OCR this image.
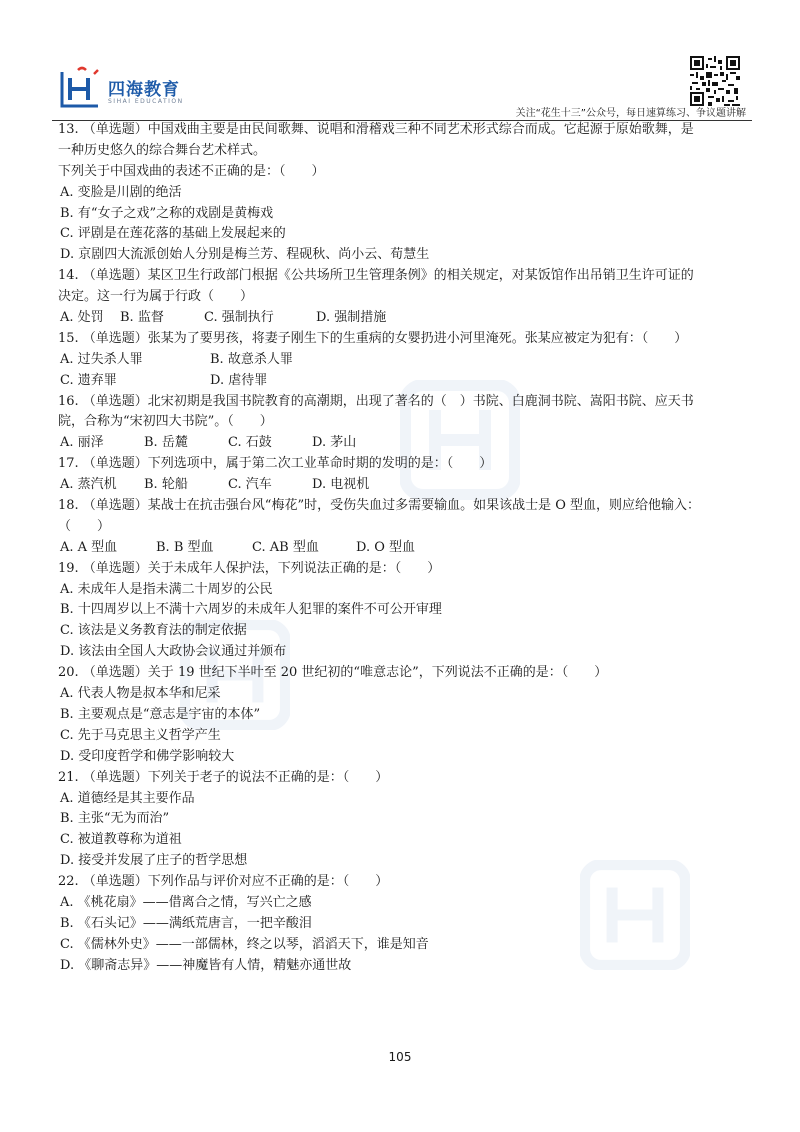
四海教育
SIHAI EDUCATION
关注“花生十三”公众号，每日速算练习、争议题讲解
13. （单选题）中国戏曲主要是由民间歌舞、说唱和滑稽戏三种不同艺术形式综合而成。它起源于原始歌舞，是
一种历史悠久的综合舞台艺术样式。
下列关于中国戏曲的表述不正确的是：（　　）
A. 变脸是川剧的绝活
B. 有“女子之戏”之称的戏剧是黄梅戏
C. 评剧是在莲花落的基础上发展起来的
D. 京剧四大流派创始人分别是梅兰芳、程砚秋、尚小云、荀慧生
14. （单选题）某区卫生行政部门根据《公共场所卫生管理条例》的相关规定，对某饭馆作出吊销卫生许可证的
决定。这一行为属于行政（　　）
A. 处罚	B. 监督	C. 强制执行	D. 强制措施
15. （单选题）张某为了要男孩，将妻子刚生下的生重病的女婴扔进小河里淹死。张某应被定为犯有：（　　）
A. 过失杀人罪	B. 故意杀人罪
C. 遗弃罪	D. 虐待罪
16. （单选题）北宋初期是我国书院教育的高潮期，出现了著名的（　）书院、白鹿洞书院、嵩阳书院、应天书
院，合称为“宋初四大书院”。（　　）
A. 丽泽	B. 岳麓	C. 石鼓	D. 茅山
17. （单选题）下列选项中，属于第二次工业革命时期的发明的是：（　　）
A. 蒸汽机	B. 轮船	C. 汽车	D. 电视机
18. （单选题）某战士在抗击强台风“梅花”时，受伤失血过多需要输血。如果该战士是 O 型血，则应给他输入：
（　　）
A. A 型血	B. B 型血	C. AB 型血	D. O 型血
19. （单选题）关于未成年人保护法，下列说法正确的是：（　　）
A. 未成年人是指未满二十周岁的公民
B. 十四周岁以上不满十六周岁的未成年人犯罪的案件不可公开审理
C. 该法是义务教育法的制定依据
D. 该法由全国人大政协会议通过并颁布
20. （单选题）关于 19 世纪下半叶至 20 世纪初的“唯意志论”，下列说法不正确的是：（　　）
A. 代表人物是叔本华和尼采
B. 主要观点是“意志是宇宙的本体”
C. 先于马克思主义哲学产生
D. 受印度哲学和佛学影响较大
21. （单选题）下列关于老子的说法不正确的是：（　　）
A. 道德经是其主要作品
B. 主张“无为而治”
C. 被道教尊称为道祖
D. 接受并发展了庄子的哲学思想
22. （单选题）下列作品与评价对应不正确的是：（　　）
A. 《桃花扇》——借离合之情，写兴亡之感
B. 《石头记》——满纸荒唐言，一把辛酸泪
C. 《儒林外史》——一部儒林，终之以琴，滔滔天下，谁是知音
D. 《聊斋志异》——神魔皆有人情，精魅亦通世故
105
